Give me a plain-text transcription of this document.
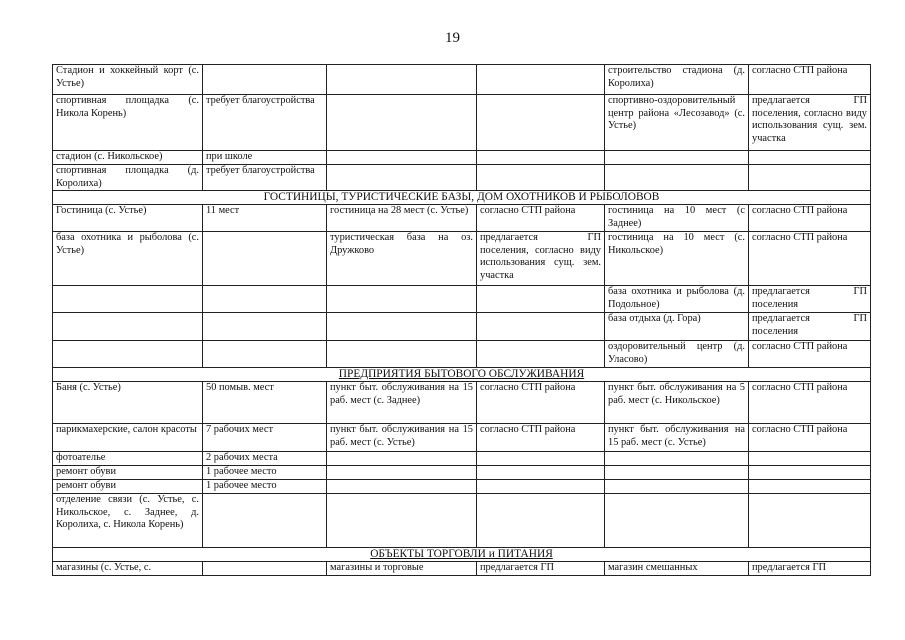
19
Стадион и хоккейный корт (с. Устье)				строительство стадиона (д. Королиха)	согласно СТП района
спортивная площадка (с. Никола Корень)	требует благоустройства			спортивно-оздоровительный центр района «Лесозавод» (с. Устье)	предлагается ГП поселения, согласно виду использования сущ. зем. участка
стадион (с. Никольское)	при школе				
спортивная площадка (д. Королиха)	требует благоустройства				
ГОСТИНИЦЫ, ТУРИСТИЧЕСКИЕ БАЗЫ, ДОМ ОХОТНИКОВ И РЫБОЛОВОВ					
Гостиница (с. Устье)	11 мест	гостиница на 28 мест (с. Устье)	согласно СТП района	гостиница на 10 мест (с Заднее)	согласно СТП района
база охотника и рыболова (с. Устье)		туристическая база на оз. Дружково	предлагается ГП поселения, согласно виду использования сущ. зем. участка	гостиница на 10 мест (с. Никольское)	согласно СТП района
				база охотника и рыболова (д. Подольное)	предлагается ГП поселения
				база отдыха (д. Гора)	предлагается ГП поселения
				оздоровительный центр (д. Уласово)	согласно СТП района
ПРЕДПРИЯТИЯ БЫТОВОГО ОБСЛУЖИВАНИЯ					
Баня (с. Устье)	50 помыв. мест	пункт быт. обслуживания на 15 раб. мест (с. Заднее)	согласно СТП района	пункт быт. обслуживания на 5 раб. мест (с. Никольское)	согласно СТП района
парикмахерские, салон красоты	7 рабочих мест	пункт быт. обслуживания на 15 раб. мест (с. Устье)	согласно СТП района	пункт быт. обслуживания на 15 раб. мест (с. Устье)	согласно СТП района
фотоателье	2 рабочих места				
ремонт обуви	1 рабочее место				
ремонт обуви	1 рабочее место				
отделение связи (с. Устье, с. Никольское, с. Заднее, д. Королиха, с. Никола Корень)					
ОБЪЕКТЫ ТОРГОВЛИ и ПИТАНИЯ					
магазины (с. Устье, с.		магазины и торговые	предлагается ГП	магазин смешанных	предлагается ГП
